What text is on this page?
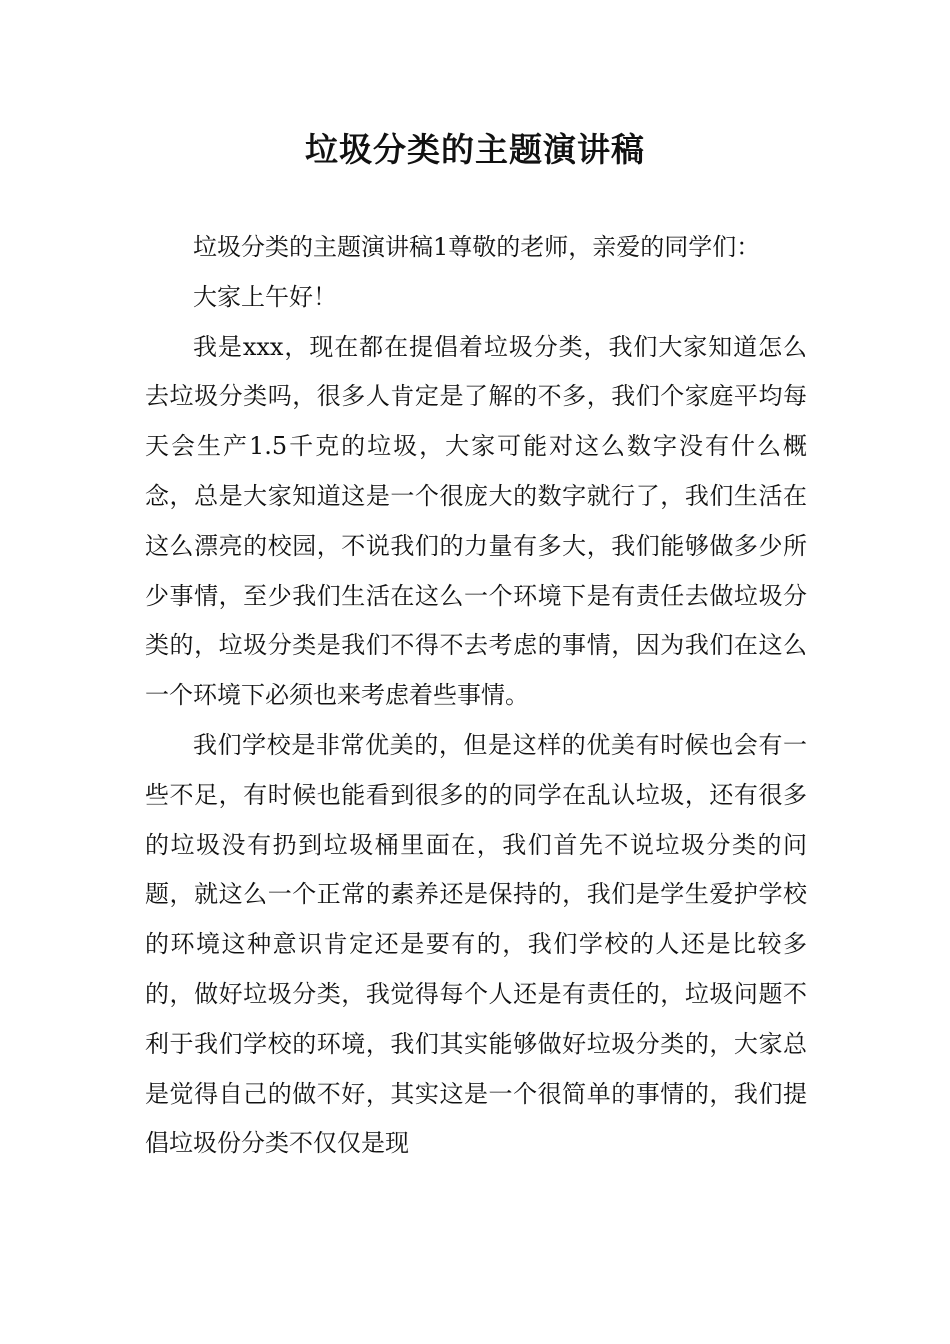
垃圾分类的主题演讲稿

垃圾分类的主题演讲稿1尊敬的老师，亲爱的同学们：

大家上午好！

我是xxx，现在都在提倡着垃圾分类，我们大家知道怎么去垃圾分类吗，很多人肯定是了解的不多，我们个家庭平均每天会生产1.5千克的垃圾，大家可能对这么数字没有什么概念，总是大家知道这是一个很庞大的数字就行了，我们生活在这么漂亮的校园，不说我们的力量有多大，我们能够做多少所少事情，至少我们生活在这么一个环境下是有责任去做垃圾分类的，垃圾分类是我们不得不去考虑的事情，因为我们在这么一个环境下必须也来考虑着些事情。

我们学校是非常优美的，但是这样的优美有时候也会有一些不足，有时候也能看到很多的的同学在乱认垃圾，还有很多的垃圾没有扔到垃圾桶里面在，我们首先不说垃圾分类的问题，就这么一个正常的素养还是保持的，我们是学生爱护学校的环境这种意识肯定还是要有的，我们学校的人还是比较多的，做好垃圾分类，我觉得每个人还是有责任的，垃圾问题不利于我们学校的环境，我们其实能够做好垃圾分类的，大家总是觉得自己的做不好，其实这是一个很简单的事情的，我们提倡垃圾份分类不仅仅是现
